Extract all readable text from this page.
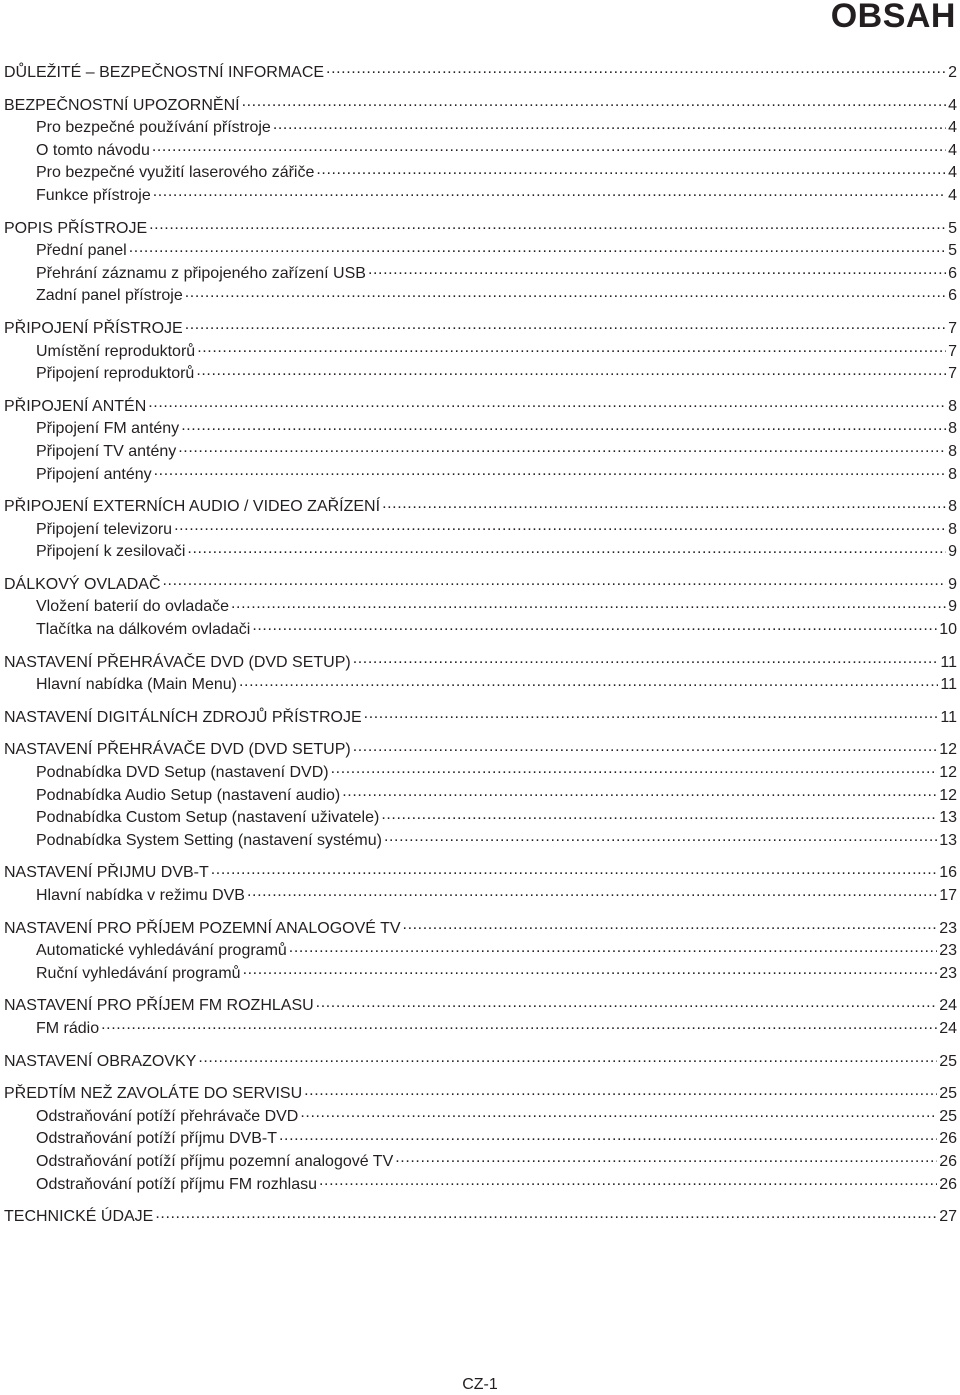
OBSAH
DŮLEŽITÉ – BEZPEČNOSTNÍ INFORMACE .....	2
BEZPEČNOSTNÍ UPOZORNĚNÍ .....	4
Pro bezpečné používání přístroje .....	4
O tomto návodu .....	4
Pro bezpečné využití laserového zářiče .....	4
Funkce přístroje .....	4
POPIS PŘÍSTROJE .....	5
Přední panel .....	5
Přehrání záznamu z připojeného zařízení USB .....	6
Zadní panel přístroje .....	6
PŘIPOJENÍ PŘÍSTROJE .....	7
Umístění reproduktorů .....	7
Připojení reproduktorů .....	7
PŘIPOJENÍ ANTÉN .....	8
Připojení FM antény .....	8
Připojení TV antény .....	8
Připojení antény .....	8
PŘIPOJENÍ EXTERNÍCH AUDIO / VIDEO ZAŘÍZENÍ .....	8
Připojení televizoru .....	8
Připojení k zesilovači .....	9
DÁLKOVÝ OVLADAČ .....	9
Vložení baterií do ovladače .....	9
Tlačítka na dálkovém ovladači .....	10
NASTAVENÍ PŘEHRÁVAČE DVD (DVD SETUP) .....	11
Hlavní nabídka (Main Menu) .....	11
NASTAVENÍ DIGITÁLNÍCH ZDROJŮ PŘÍSTROJE .....	11
NASTAVENÍ PŘEHRÁVAČE DVD (DVD SETUP) .....	12
Podnabídka DVD Setup (nastavení DVD) .....	12
Podnabídka Audio Setup (nastavení audio) .....	12
Podnabídka Custom Setup (nastavení uživatele) .....	13
Podnabídka System Setting (nastavení systému) .....	13
NASTAVENÍ PŘIJMU DVB-T .....	16
Hlavní nabídka v režimu DVB .....	17
NASTAVENÍ PRO PŘÍJEM POZEMNÍ ANALOGOVÉ TV .....	23
Automatické vyhledávání programů .....	23
Ruční vyhledávání programů .....	23
NASTAVENÍ PRO PŘÍJEM FM ROZHLASU .....	24
FM rádio .....	24
NASTAVENÍ OBRAZOVKY .....	25
PŘEDTÍM NEŽ ZAVOLÁTE DO SERVISU .....	25
Odstraňování potíží přehrávače DVD .....	25
Odstraňování potíží příjmu DVB-T .....	26
Odstraňování potíží příjmu pozemní analogové TV .....	26
Odstraňování potíží příjmu FM rozhlasu .....	26
TECHNICKÉ ÚDAJE .....	27
CZ-1
